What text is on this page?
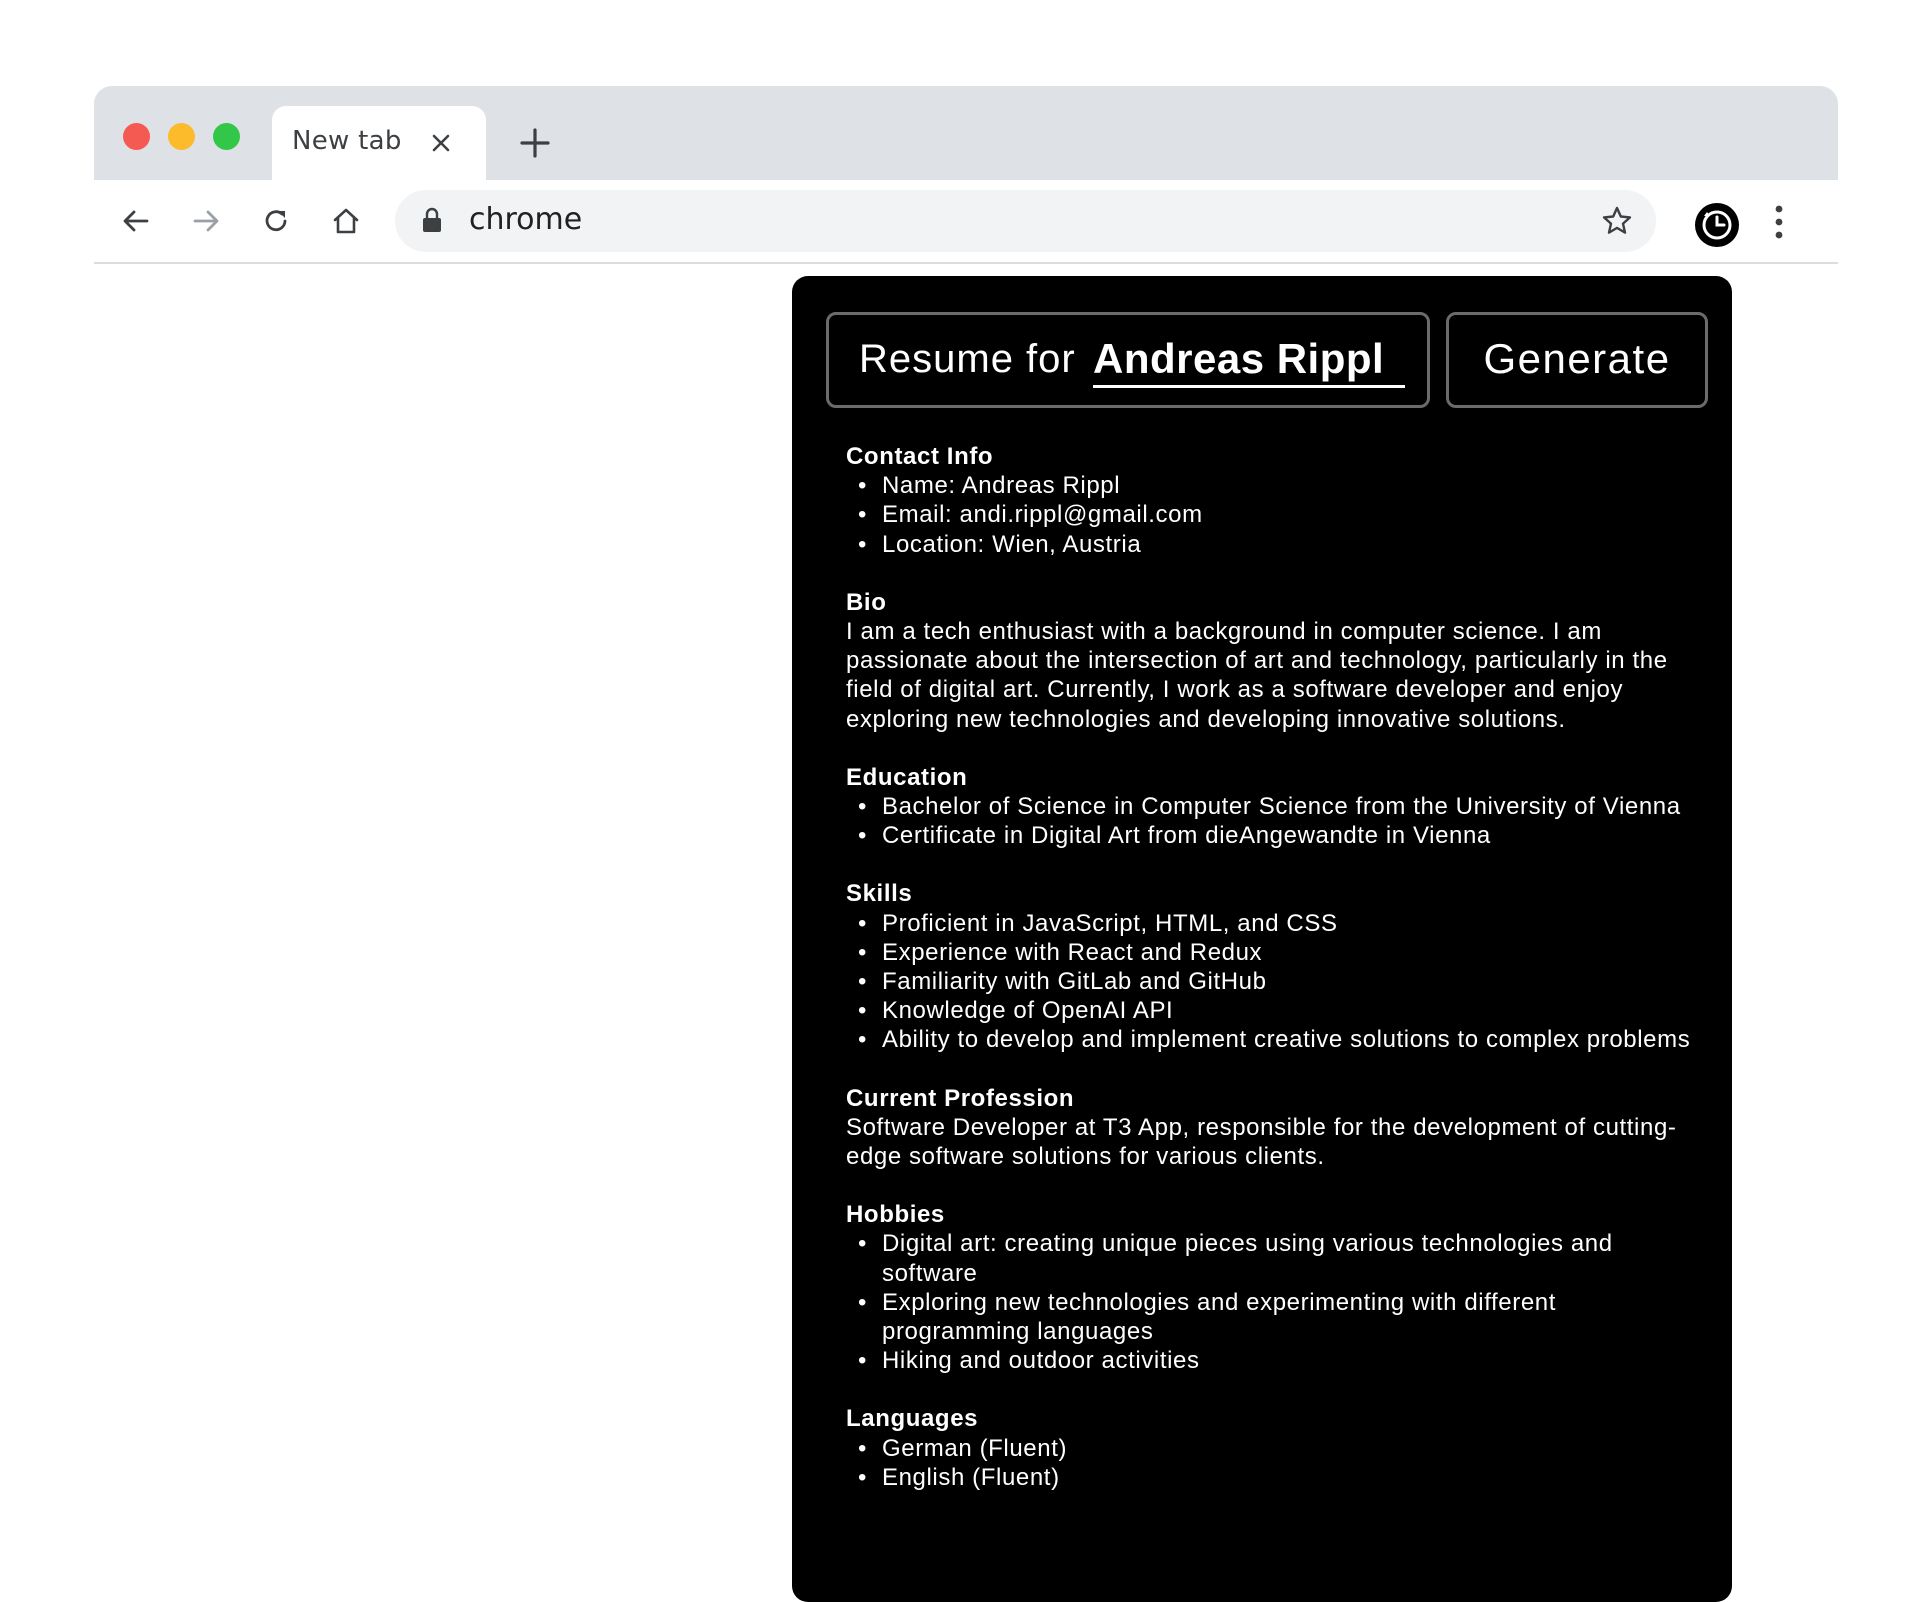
New tab
chrome
Resume for Andreas Rippl	Generate
Contact Info
• Name: Andreas Rippl
• Email: andi.rippl@gmail.com
• Location: Wien, Austria
Bio

I am a tech enthusiast with a background in computer science. I am passionate about the intersection of art and technology, particularly in the field of digital art. Currently, I work as a software developer and enjoy exploring new technologies and developing innovative solutions.

Education
• Bachelor of Science in Computer Science from the University of Vienna
• Certificate in Digital Art from dieAngewandte in Vienna
Skills
• Proficient in JavaScript, HTML, and CSS
• Experience with React and Redux
• Familiarity with GitLab and GitHub
• Knowledge of OpenAI API
• Ability to develop and implement creative solutions to complex problems
Current Profession

Software Developer at T3 App, responsible for the development of cutting-edge software solutions for various clients.

Hobbies
• Digital art: creating unique pieces using various technologies and software
• Exploring new technologies and experimenting with different programming languages
• Hiking and outdoor activities
Languages
• German (Fluent)
• English (Fluent)
